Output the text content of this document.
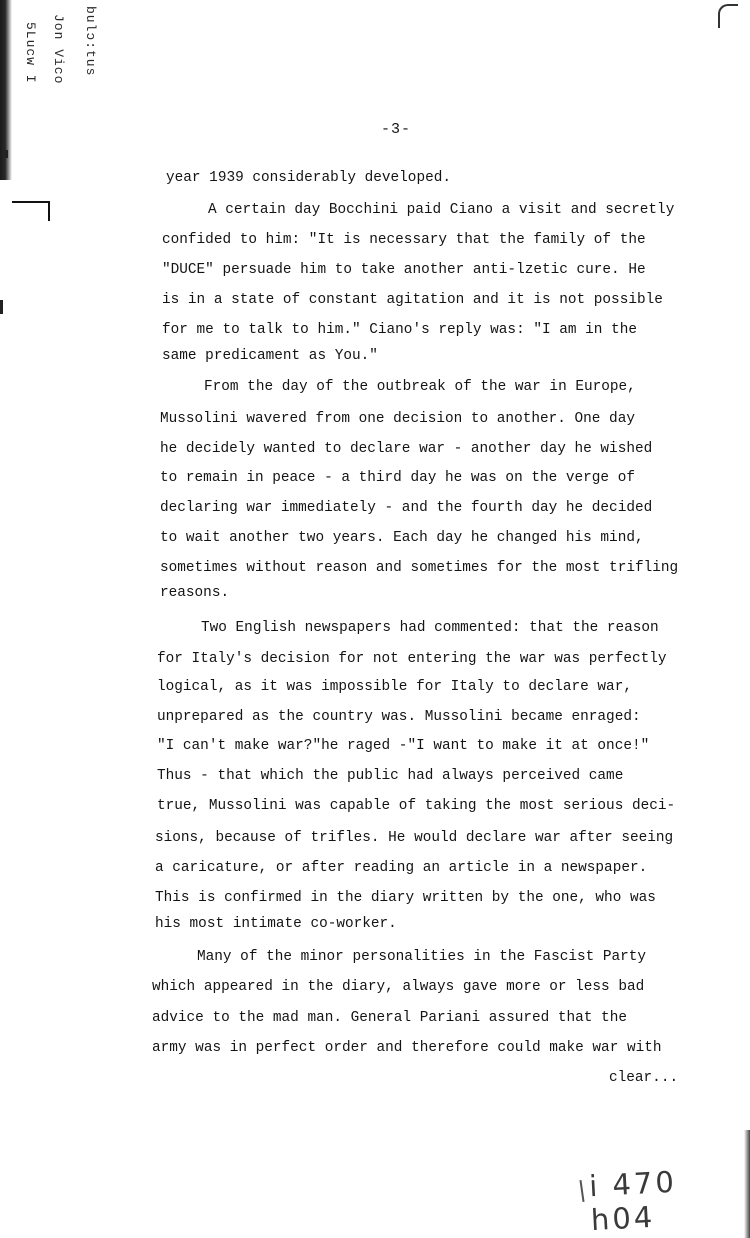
bulɔ:tus
Jon Vico
5Lucw I
-3-
year 1939 considerably developed.
A certain day Bocchini paid Ciano a visit and secretly
confided to him: "It is necessary that the family of the
"DUCE" persuade him to take another anti-lzetic cure. He
is in a state of constant agitation and it is not possible
for me to talk to him." Ciano's reply was: "I am in the
same predicament as You."
From the day of the outbreak of the war in Europe,
Mussolini wavered from one decision to another. One day
he decidely wanted to declare war - another day he wished
to remain in peace - a third day he was on the verge of
declaring war immediately - and the fourth day he decided
to wait another two years. Each day he changed his mind,
sometimes without reason and sometimes for the most trifling
reasons.
Two English newspapers had commented: that the reason
for Italy's decision for not entering the war was perfectly
logical, as it was impossible for Italy to declare war,
unprepared as the country was. Mussolini became enraged:
"I can't make war?"he raged -"I want to make it at once!"
Thus - that which the public had always perceived came
true, Mussolini was capable of taking the most serious deci-
sions, because of trifles. He would declare war after seeing
a caricature, or after reading an article in a newspaper.
This is confirmed in the diary written by the one, who was
his most intimate co-worker.
Many of the minor personalities in the Fascist Party
which appeared in the diary, always gave more or less bad
advice to the mad man. General Pariani assured that the
army was in perfect order and therefore could make war with
clear...
i 470 h04
